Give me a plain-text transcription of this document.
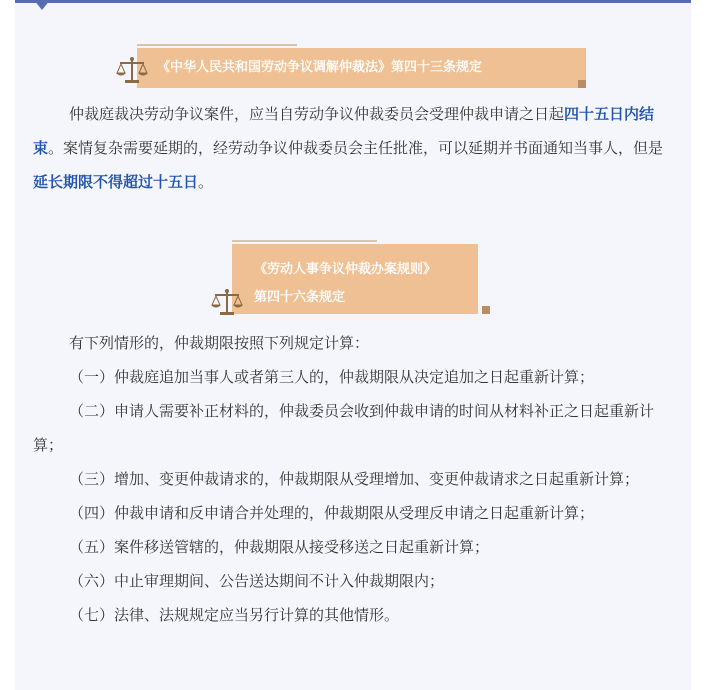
《中华人民共和国劳动争议调解仲裁法》第四十三条规定

仲裁庭裁决劳动争议案件，应当自劳动争议仲裁委员会受理仲裁申请之日起四十五日内结束。案情复杂需要延期的，经劳动争议仲裁委员会主任批准，可以延期并书面通知当事人，但是延长期限不得超过十五日。

《劳动人事争议仲裁办案规则》
第四十六条规定

有下列情形的，仲裁期限按照下列规定计算：

（一）仲裁庭追加当事人或者第三人的，仲裁期限从决定追加之日起重新计算；
（二）申请人需要补正材料的，仲裁委员会收到仲裁申请的时间从材料补正之日起重新计算；
（三）增加、变更仲裁请求的，仲裁期限从受理增加、变更仲裁请求之日起重新计算；
（四）仲裁申请和反申请合并处理的，仲裁期限从受理反申请之日起重新计算；
（五）案件移送管辖的，仲裁期限从接受移送之日起重新计算；
（六）中止审理期间、公告送达期间不计入仲裁期限内；
（七）法律、法规规定应当另行计算的其他情形。
